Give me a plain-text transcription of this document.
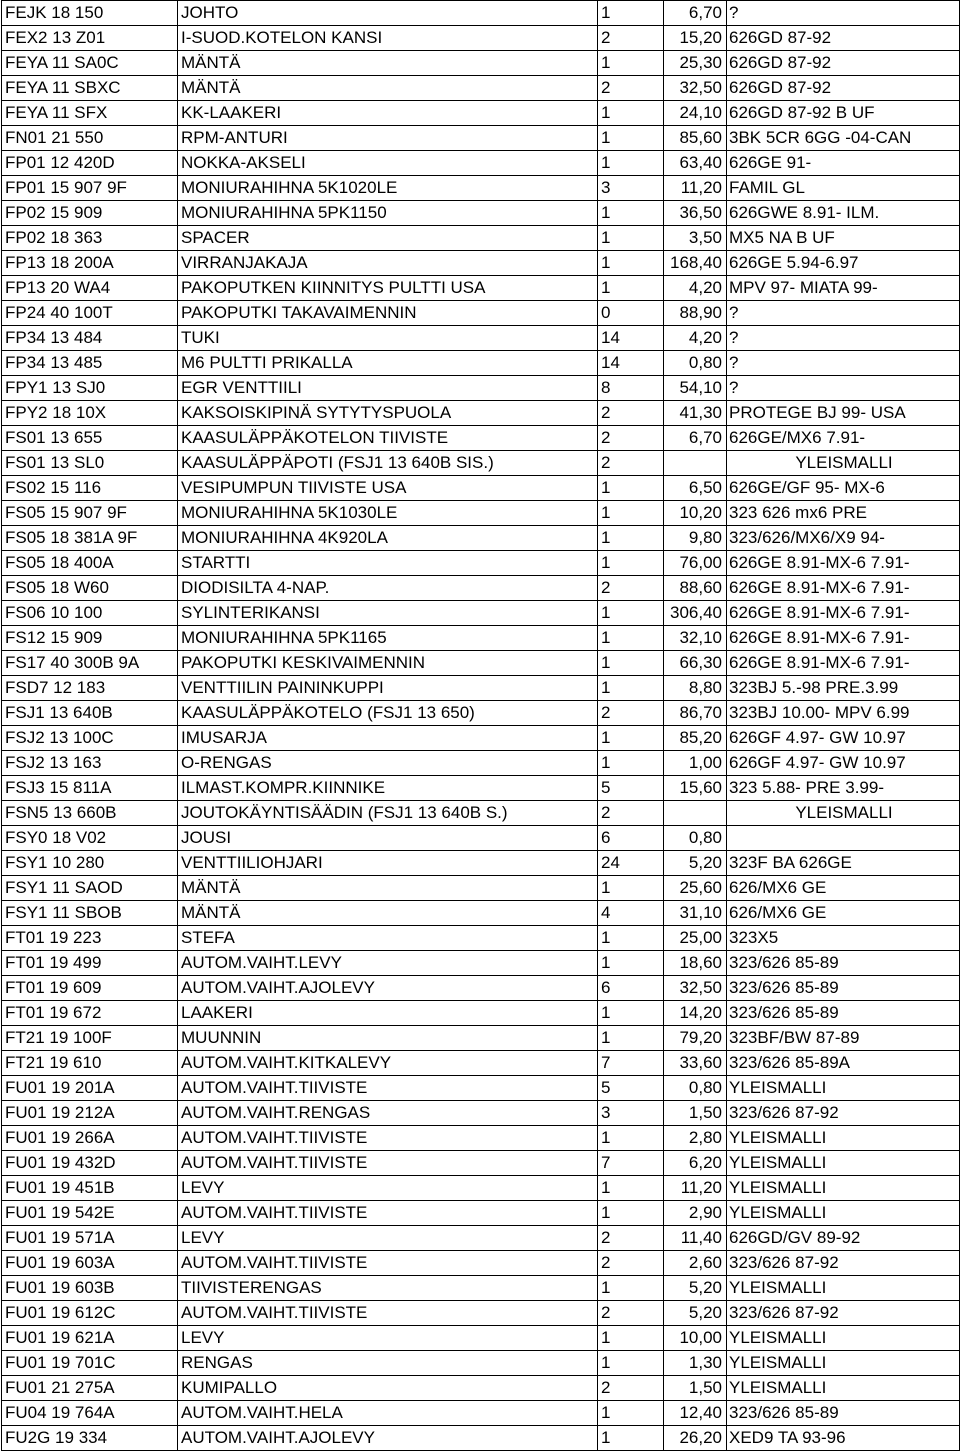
FEJK 18 150	JOHTO	1	6,70	?
FEX2 13 Z01	I-SUOD.KOTELON KANSI	2	15,20	626GD 87-92
FEYA 11 SA0C	MÄNTÄ	1	25,30	626GD 87-92
FEYA 11 SBXC	MÄNTÄ	2	32,50	626GD 87-92
FEYA 11 SFX	KK-LAAKERI	1	24,10	626GD 87-92 B UF
FN01 21 550	RPM-ANTURI	1	85,60	3BK 5CR 6GG -04-CAN
FP01 12 420D	NOKKA-AKSELI	1	63,40	626GE 91-
FP01 15 907 9F	MONIURAHIHNA 5K1020LE	3	11,20	FAMIL GL
FP02 15 909	MONIURAHIHNA 5PK1150	1	36,50	626GWE 8.91- ILM.
FP02 18 363	SPACER	1	3,50	MX5 NA B UF
FP13 18 200A	VIRRANJAKAJA	1	168,40	626GE 5.94-6.97
FP13 20 WA4	PAKOPUTKEN KIINNITYS PULTTI USA	1	4,20	MPV 97- MIATA 99-
FP24 40 100T	PAKOPUTKI TAKAVAIMENNIN	0	88,90	?
FP34 13 484	TUKI	14	4,20	?
FP34 13 485	M6 PULTTI PRIKALLA	14	0,80	?
FPY1 13 SJ0	EGR VENTTIILI	8	54,10	?
FPY2 18 10X	KAKSOISKIPINÄ SYTYTYSPUOLA	2	41,30	PROTEGE BJ 99- USA
FS01 13 655	KAASULÄPPÄKOTELON TIIVISTE	2	6,70	626GE/MX6 7.91-
FS01 13 SL0	KAASULÄPPÄPOTI (FSJ1 13 640B SIS.)	2		YLEISMALLI
FS02 15 116	VESIPUMPUN TIIVISTE USA	1	6,50	626GE/GF 95- MX-6
FS05 15 907 9F	MONIURAHIHNA 5K1030LE	1	10,20	323 626 mx6 PRE
FS05 18 381A 9F	MONIURAHIHNA 4K920LA	1	9,80	323/626/MX6/X9 94-
FS05 18 400A	STARTTI	1	76,00	626GE 8.91-MX-6 7.91-
FS05 18 W60	DIODISILTA 4-NAP.	2	88,60	626GE 8.91-MX-6 7.91-
FS06 10 100	SYLINTERIKANSI	1	306,40	626GE 8.91-MX-6 7.91-
FS12 15 909	MONIURAHIHNA 5PK1165	1	32,10	626GE 8.91-MX-6 7.91-
FS17 40 300B 9A	PAKOPUTKI KESKIVAIMENNIN	1	66,30	626GE 8.91-MX-6 7.91-
FSD7 12 183	VENTTIILIN PAININKUPPI	1	8,80	323BJ 5.-98 PRE.3.99
FSJ1 13 640B	KAASULÄPPÄKOTELO (FSJ1 13 650)	2	86,70	323BJ 10.00- MPV 6.99
FSJ2 13 100C	IMUSARJA	1	85,20	626GF 4.97- GW 10.97
FSJ2 13 163	O-RENGAS	1	1,00	626GF 4.97- GW 10.97
FSJ3 15 811A	ILMAST.KOMPR.KIINNIKE	5	15,60	323 5.88- PRE 3.99-
FSN5 13 660B	JOUTOKÄYNTISÄÄDIN (FSJ1 13 640B S.)	2		YLEISMALLI
FSY0 18 V02	JOUSI	6	0,80	
FSY1 10 280	VENTTIILIOHJARI	24	5,20	323F BA 626GE
FSY1 11 SAOD	MÄNTÄ	1	25,60	626/MX6 GE
FSY1 11 SBOB	MÄNTÄ	4	31,10	626/MX6 GE
FT01 19 223	STEFA	1	25,00	323X5
FT01 19 499	AUTOM.VAIHT.LEVY	1	18,60	323/626 85-89
FT01 19 609	AUTOM.VAIHT.AJOLEVY	6	32,50	323/626 85-89
FT01 19 672	LAAKERI	1	14,20	323/626 85-89
FT21 19 100F	MUUNNIN	1	79,20	323BF/BW 87-89
FT21 19 610	AUTOM.VAIHT.KITKALEVY	7	33,60	323/626 85-89A
FU01 19 201A	AUTOM.VAIHT.TIIVISTE	5	0,80	YLEISMALLI
FU01 19 212A	AUTOM.VAIHT.RENGAS	3	1,50	323/626 87-92
FU01 19 266A	AUTOM.VAIHT.TIIVISTE	1	2,80	YLEISMALLI
FU01 19 432D	AUTOM.VAIHT.TIIVISTE	7	6,20	YLEISMALLI
FU01 19 451B	LEVY	1	11,20	YLEISMALLI
FU01 19 542E	AUTOM.VAIHT.TIIVISTE	1	2,90	YLEISMALLI
FU01 19 571A	LEVY	2	11,40	626GD/GV 89-92
FU01 19 603A	AUTOM.VAIHT.TIIVISTE	2	2,60	323/626 87-92
FU01 19 603B	TIIVISTERENGAS	1	5,20	YLEISMALLI
FU01 19 612C	AUTOM.VAIHT.TIIVISTE	2	5,20	323/626 87-92
FU01 19 621A	LEVY	1	10,00	YLEISMALLI
FU01 19 701C	RENGAS	1	1,30	YLEISMALLI
FU01 21 275A	KUMIPALLO	2	1,50	YLEISMALLI
FU04 19 764A	AUTOM.VAIHT.HELA	1	12,40	323/626 85-89
FU2G 19 334	AUTOM.VAIHT.AJOLEVY	1	26,20	XED9 TA 93-96
